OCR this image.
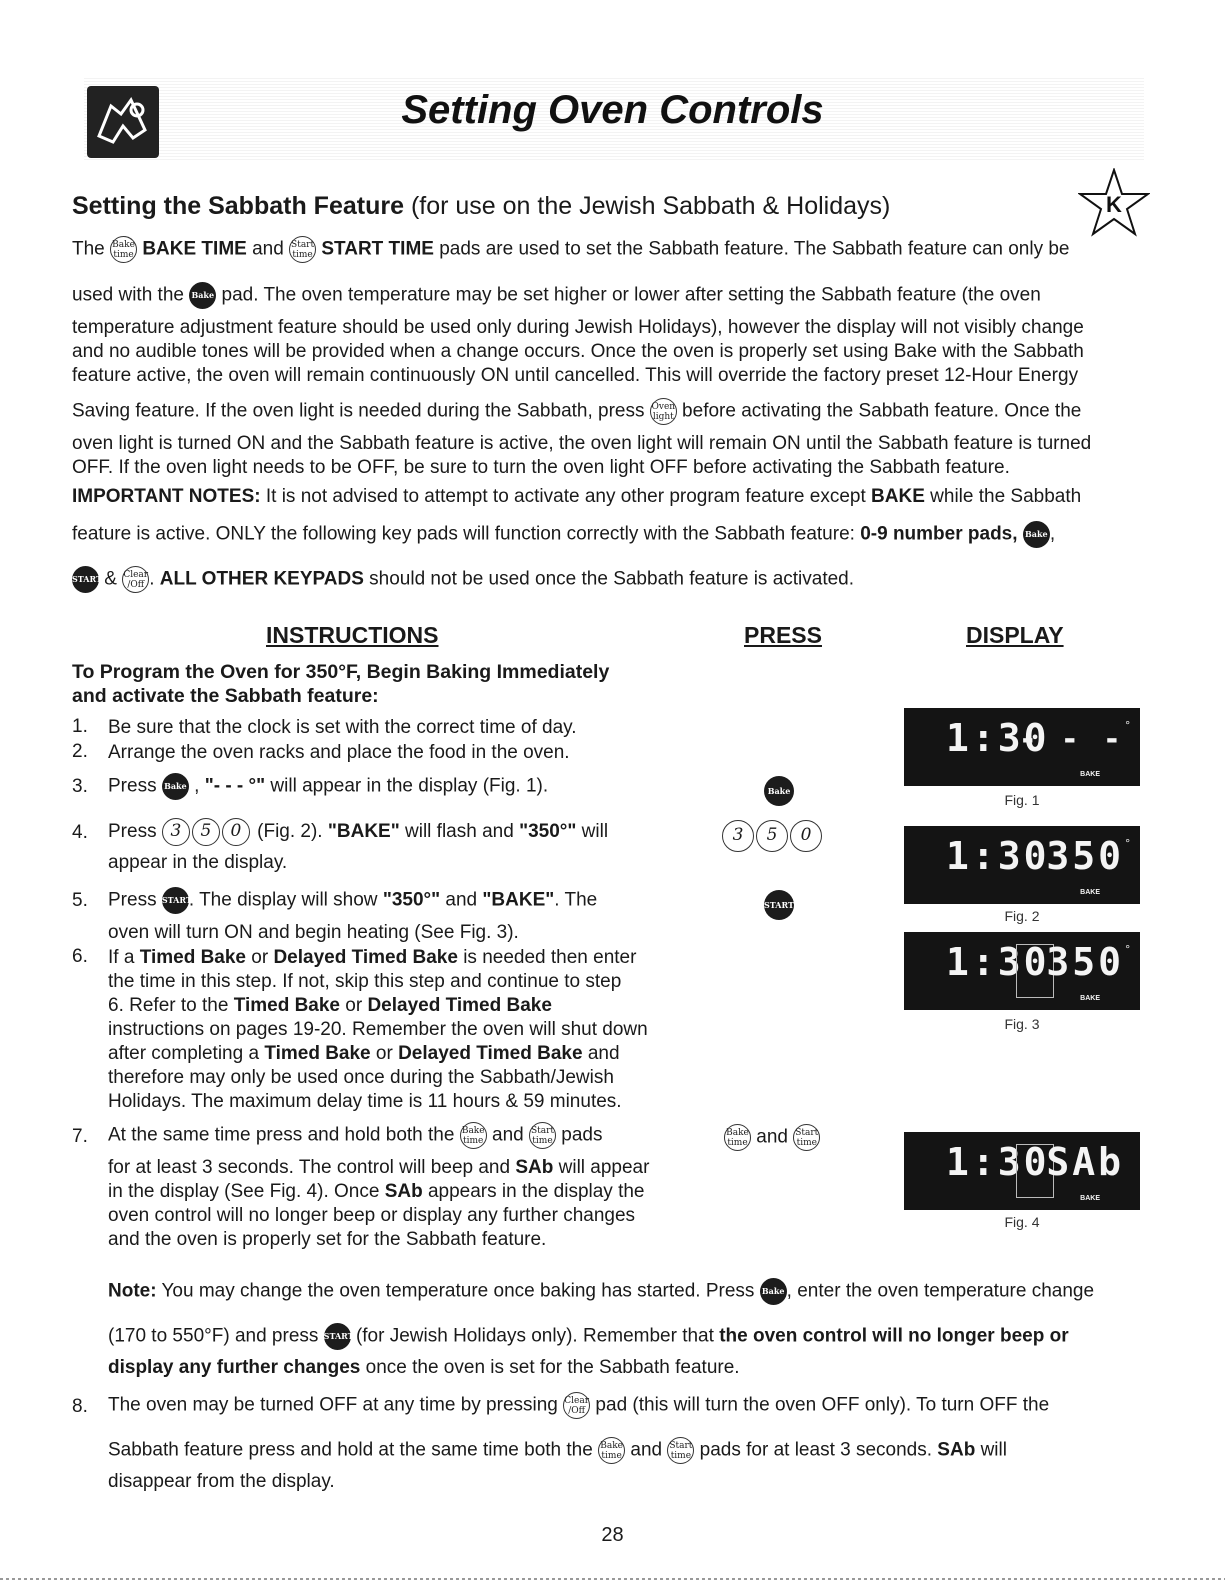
Setting Oven Controls
K
Setting the Sabbath Feature (for use on the Jewish Sabbath & Holidays)
The Bake
time BAKE TIME and Start
time START TIME pads are used to set the Sabbath feature. The Sabbath feature can only be
used with the Bake pad. The oven temperature may be set higher or lower after setting the Sabbath feature (the oven
temperature adjustment feature should be used only during Jewish Holidays), however the display will not visibly change
and no audible tones will be provided when a change occurs. Once the oven is properly set using Bake with the Sabbath
feature active, the oven will remain continuously ON until cancelled. This will override the factory preset 12-Hour Energy
Saving feature. If the oven light is needed during the Sabbath, press Oven
light before activating the Sabbath feature. Once the
oven light is turned ON and the Sabbath feature is active, the oven light will remain ON until the Sabbath feature is turned
OFF. If the oven light needs to be OFF, be sure to turn the oven light OFF before activating the Sabbath feature.
IMPORTANT NOTES: It is not advised to attempt to activate any other program feature except BAKE while the Sabbath
feature is active. ONLY the following key pads will function correctly with the Sabbath feature: 0-9 number pads, Bake ,
START & Clear
/Off . ALL OTHER KEYPADS should not be used once the Sabbath feature is activated.
INSTRUCTIONS	PRESS	DISPLAY
To Program the Oven for 350°F, Begin Baking Immediately
and activate the Sabbath feature:
1. Be sure that the clock is set with the correct time of day.
2. Arrange the oven racks and place the food in the oven.
3. Press Bake , "- - - °" will appear in the display (Fig. 1).
4. Press 3 5 0 (Fig. 2). "BAKE" will flash and "350°" will
appear in the display.
5. Press START. The display will show "350°" and "BAKE". The
oven will turn ON and begin heating (See Fig. 3).
6. If a Timed Bake or Delayed Timed Bake is needed then enter
the time in this step. If not, skip this step and continue to step
6. Refer to the Timed Bake or Delayed Timed Bake
instructions on pages 19-20. Remember the oven will shut down
after completing a Timed Bake or Delayed Timed Bake and
therefore may only be used once during the Sabbath/Jewish
Holidays. The maximum delay time is 11 hours & 59 minutes.
7. At the same time press and hold both the Bake
time and Start
time pads
for at least 3 seconds. The control will beep and SAb will appear
in the display (See Fig. 4). Once SAb appears in the display the
oven control will no longer beep or display any further changes
and the oven is properly set for the Sabbath feature.
Note: You may change the oven temperature once baking has started. Press Bake , enter the oven temperature change
(170 to 550°F) and press START (for Jewish Holidays only). Remember that the oven control will no longer beep or
display any further changes once the oven is set for the Sabbath feature.
8. The oven may be turned OFF at any time by pressing Clear
/Off pad (this will turn the oven OFF only). To turn OFF the
Sabbath feature press and hold at the same time both the Bake
time and Start
time pads for at least 3 seconds. SAb will
disappear from the display.
Bake
3 5 0
START
Bake
time and Start
time
1:30
- - - °
BAKE
Fig. 1
1:30
350 °
BAKE
Fig. 2
1:30
350 °
BAKE
Fig. 3
1:30
SAb
BAKE
Fig. 4
28
